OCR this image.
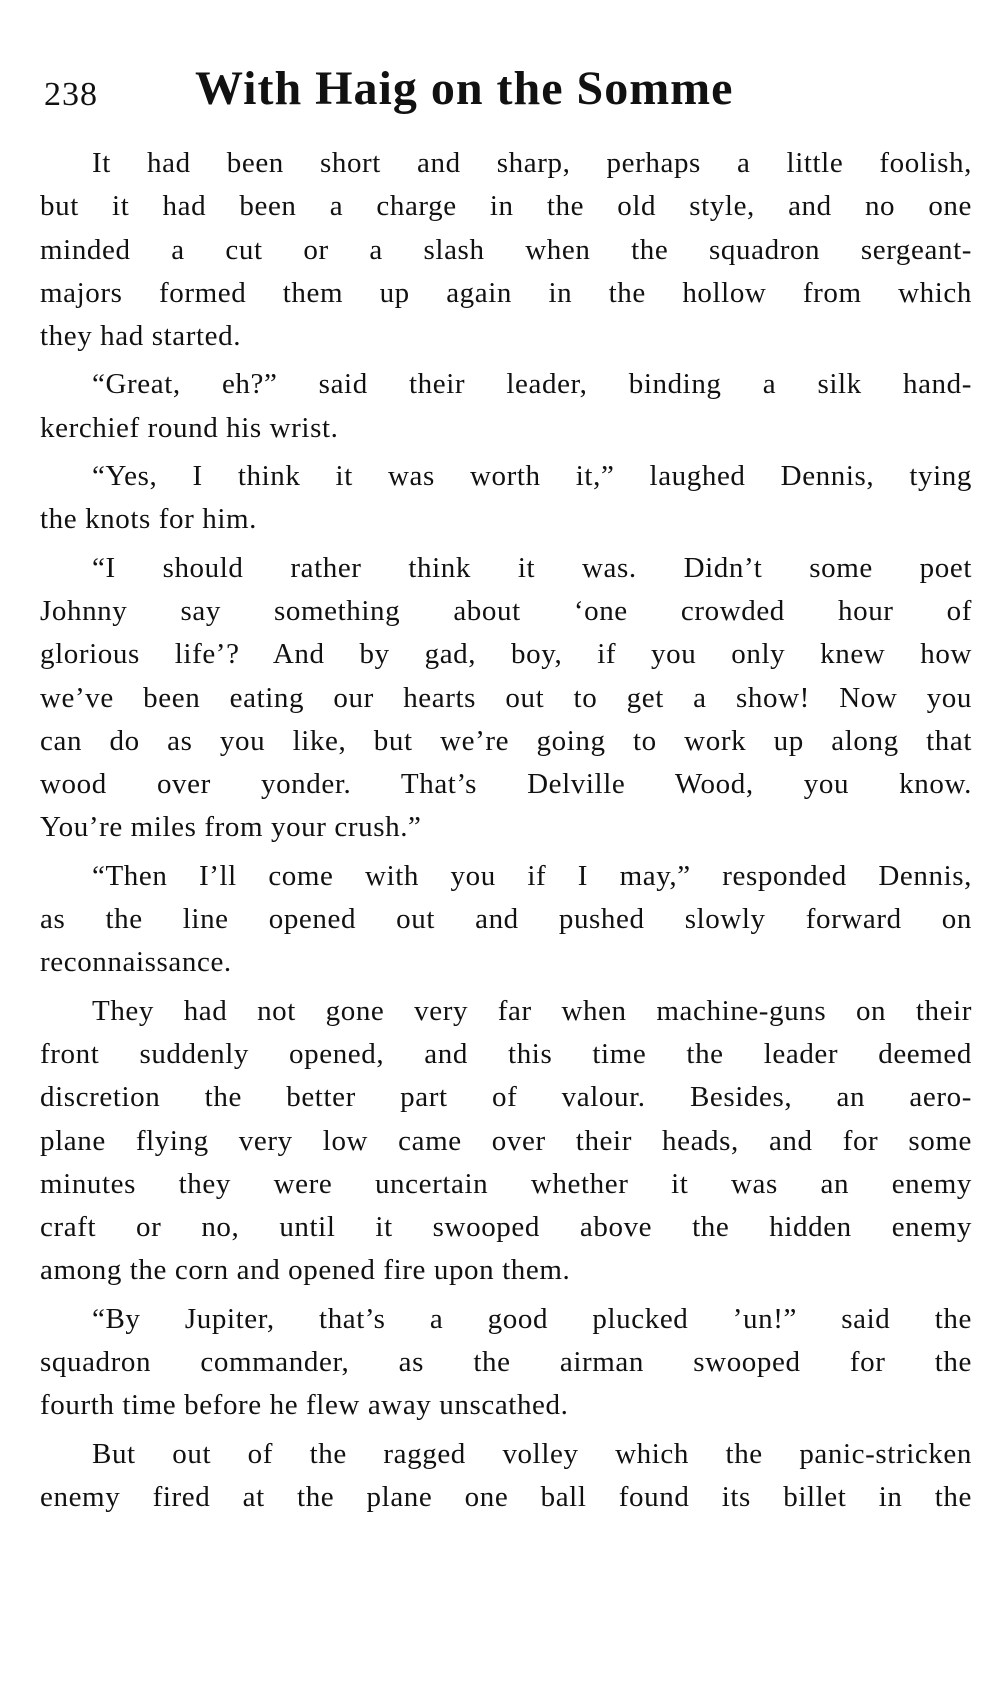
238 With Haig on the Somme
It had been short and sharp, perhaps a little foolish,
but it had been a charge in the old style, and no one
minded a cut or a slash when the squadron sergeant-
majors formed them up again in the hollow from which
they had started.
“Great, eh?” said their leader, binding a silk hand-
kerchief round his wrist.
“Yes, I think it was worth it,” laughed Dennis, tying
the knots for him.
“I should rather think it was. Didn’t some poet
Johnny say something about ‘one crowded hour of
glorious life’? And by gad, boy, if you only knew how
we’ve been eating our hearts out to get a show! Now you
can do as you like, but we’re going to work up along that
wood over yonder. That’s Delville Wood, you know.
You’re miles from your crush.”
“Then I’ll come with you if I may,” responded Dennis,
as the line opened out and pushed slowly forward on
reconnaissance.
They had not gone very far when machine-guns on their
front suddenly opened, and this time the leader deemed
discretion the better part of valour. Besides, an aero-
plane flying very low came over their heads, and for some
minutes they were uncertain whether it was an enemy
craft or no, until it swooped above the hidden enemy
among the corn and opened fire upon them.
“By Jupiter, that’s a good plucked ’un!” said the
squadron commander, as the airman swooped for the
fourth time before he flew away unscathed.
But out of the ragged volley which the panic-stricken
enemy fired at the plane one ball found its billet in the
